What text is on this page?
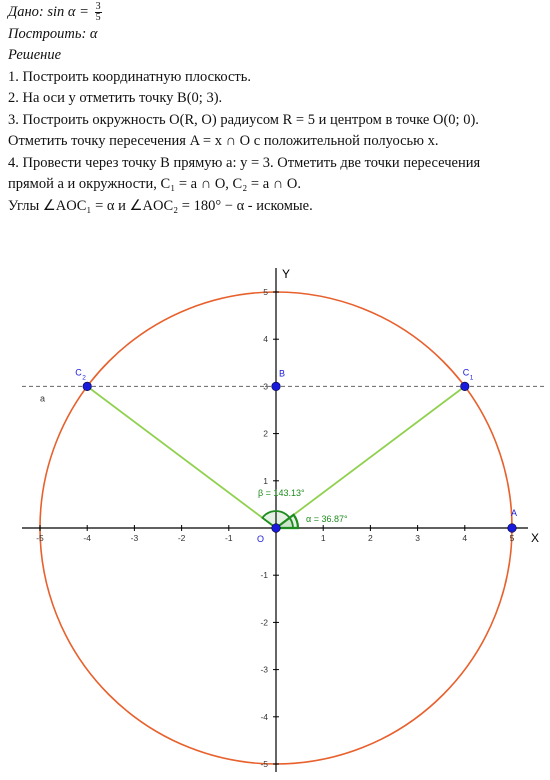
Дано: $\sin \alpha = \frac{3}{5}$
Построить: α
Решение
1. Построить координатную плоскость.
2. На оси y отметить точку B(0; 3).
3. Построить окружность O(R, O) радиусом R = 5 и центром в точке O(0; 0).
Отметить точку пересечения A = x ∩ O с положительной полуосью x.
4. Провести через точку B прямую a: y = 3. Отметить две точки пересечения
прямой a и окружности, C₁ = a ∩ O, C₂ = a ∩ O.
Углы ∠AOC₁ = α и ∠AOC₂ = 180° − α - искомые.
X
Y
-5	-4	-3	-2	-1	1	2	3	4	5
-5
-4
-3
-2
-1
1
2
3
4
5
a
α = 36.87°
β = 143.13°
A
B	C
1
C
2
O
